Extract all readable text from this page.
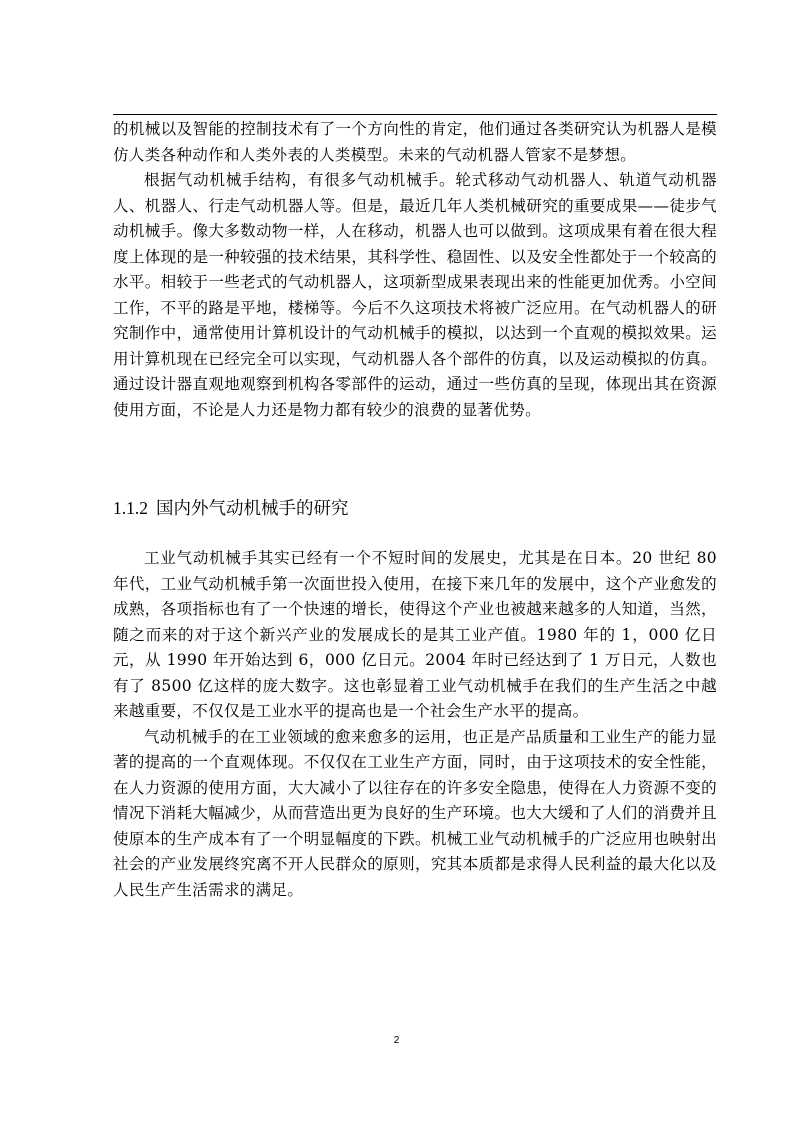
的机械以及智能的控制技术有了一个方向性的肯定，他们通过各类研究认为机器人是模仿人类各种动作和人类外表的人类模型。未来的气动机器人管家不是梦想。

根据气动机械手结构，有很多气动机械手。轮式移动气动机器人、轨道气动机器人、机器人、行走气动机器人等。但是，最近几年人类机械研究的重要成果——徒步气动机械手。像大多数动物一样，人在移动，机器人也可以做到。这项成果有着在很大程度上体现的是一种较强的技术结果，其科学性、稳固性、以及安全性都处于一个较高的水平。相较于一些老式的气动机器人，这项新型成果表现出来的性能更加优秀。小空间工作，不平的路是平地，楼梯等。今后不久这项技术将被广泛应用。在气动机器人的研究制作中，通常使用计算机设计的气动机械手的模拟，以达到一个直观的模拟效果。运用计算机现在已经完全可以实现，气动机器人各个部件的仿真，以及运动模拟的仿真。通过设计器直观地观察到机构各零部件的运动，通过一些仿真的呈现，体现出其在资源使用方面，不论是人力还是物力都有较少的浪费的显著优势。

1.1.2 国内外气动机械手的研究

工业气动机械手其实已经有一个不短时间的发展史，尤其是在日本。20 世纪 80 年代，工业气动机械手第一次面世投入使用，在接下来几年的发展中，这个产业愈发的成熟，各项指标也有了一个快速的增长，使得这个产业也被越来越多的人知道，当然，随之而来的对于这个新兴产业的发展成长的是其工业产值。1980 年的 1，000 亿日元，从 1990 年开始达到 6，000 亿日元。2004 年时已经达到了 1 万日元，人数也有了 8500 亿这样的庞大数字。这也彰显着工业气动机械手在我们的生产生活之中越来越重要，不仅仅是工业水平的提高也是一个社会生产水平的提高。

气动机械手的在工业领域的愈来愈多的运用，也正是产品质量和工业生产的能力显著的提高的一个直观体现。不仅仅在工业生产方面，同时，由于这项技术的安全性能，在人力资源的使用方面，大大减小了以往存在的许多安全隐患，使得在人力资源不变的情况下消耗大幅减少，从而营造出更为良好的生产环境。也大大缓和了人们的消费并且使原本的生产成本有了一个明显幅度的下跌。机械工业气动机械手的广泛应用也映射出社会的产业发展终究离不开人民群众的原则，究其本质都是求得人民利益的最大化以及人民生产生活需求的满足。

2
